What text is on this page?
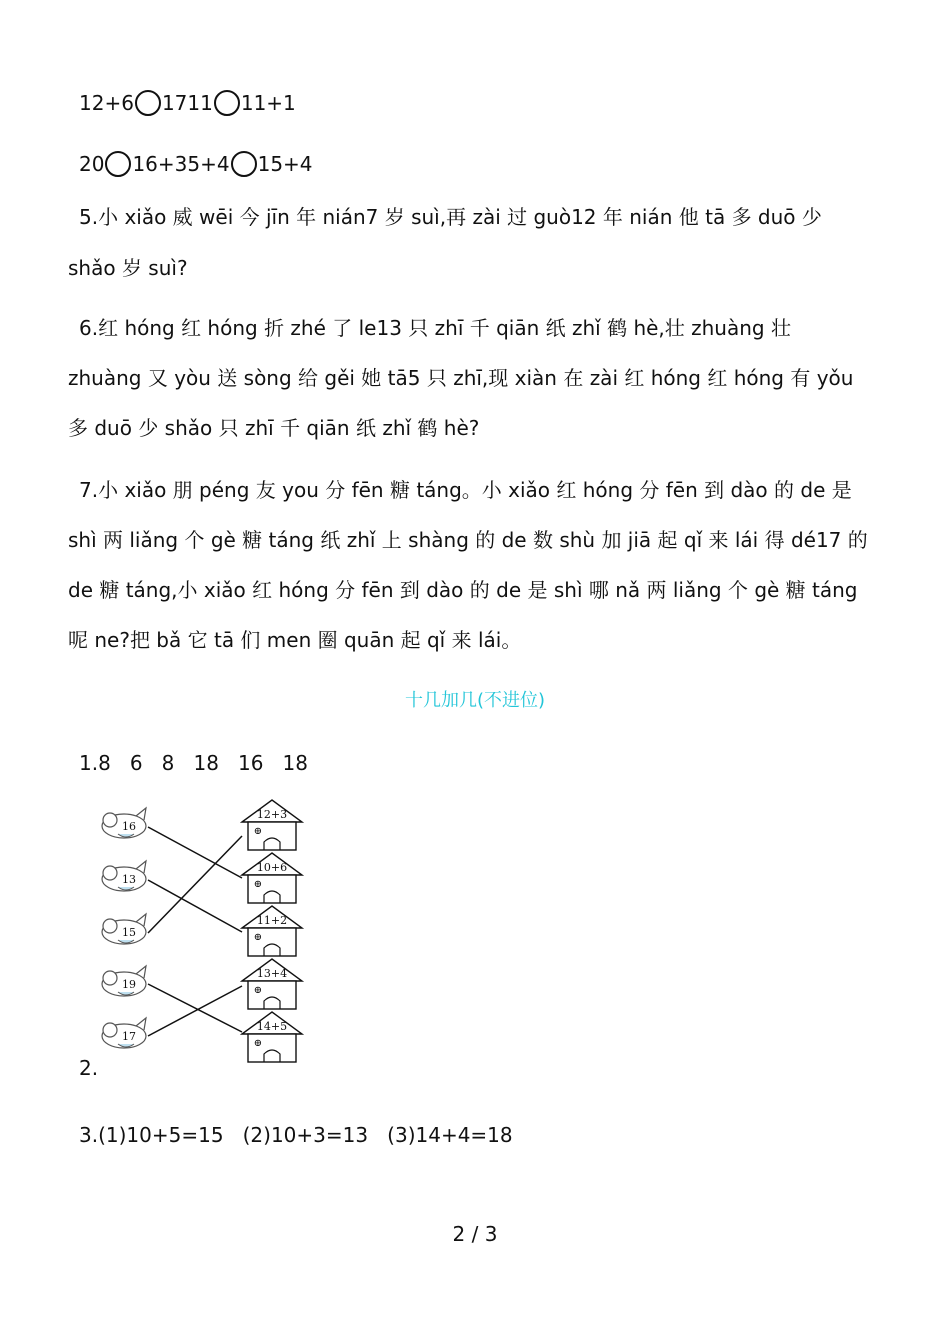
12+6 1711 11+1
20 16+35+4 15+4
5.小 xiǎo 威 wēi 今 jīn 年 nián7 岁 suì,再 zài 过 guò12 年 nián 他 tā 多 duō 少
shǎo 岁 suì?
6.红 hóng 红 hóng 折 zhé 了 le13 只 zhī 千 qiān 纸 zhǐ 鹤 hè,壮 zhuàng 壮
zhuàng 又 yòu 送 sòng 给 gěi 她 tā5 只 zhī,现 xiàn 在 zài 红 hóng 红 hóng 有 yǒu
多 duō 少 shǎo 只 zhī 千 qiān 纸 zhǐ 鹤 hè?
7.小 xiǎo 朋 péng 友 you 分 fēn 糖 táng。小 xiǎo 红 hóng 分 fēn 到 dào 的 de 是
shì 两 liǎng 个 gè 糖 táng 纸 zhǐ 上 shàng 的 de 数 shù 加 jiā 起 qǐ 来 lái 得 dé17 的
de 糖 táng,小 xiǎo 红 hóng 分 fēn 到 dào 的 de 是 shì 哪 nǎ 两 liǎng 个 gè 糖 táng
呢 ne?把 bǎ 它 tā 们 men 圈 quān 起 qǐ 来 lái。
十几加几(不进位)
1.8   6   8   18   16   18
16
13
15
19
17
12+3
⊕
10+6
⊕
11+2
⊕
13+4
⊕
14+5
⊕
2.
3.(1)10+5=15   (2)10+3=13   (3)14+4=18
2 / 3
